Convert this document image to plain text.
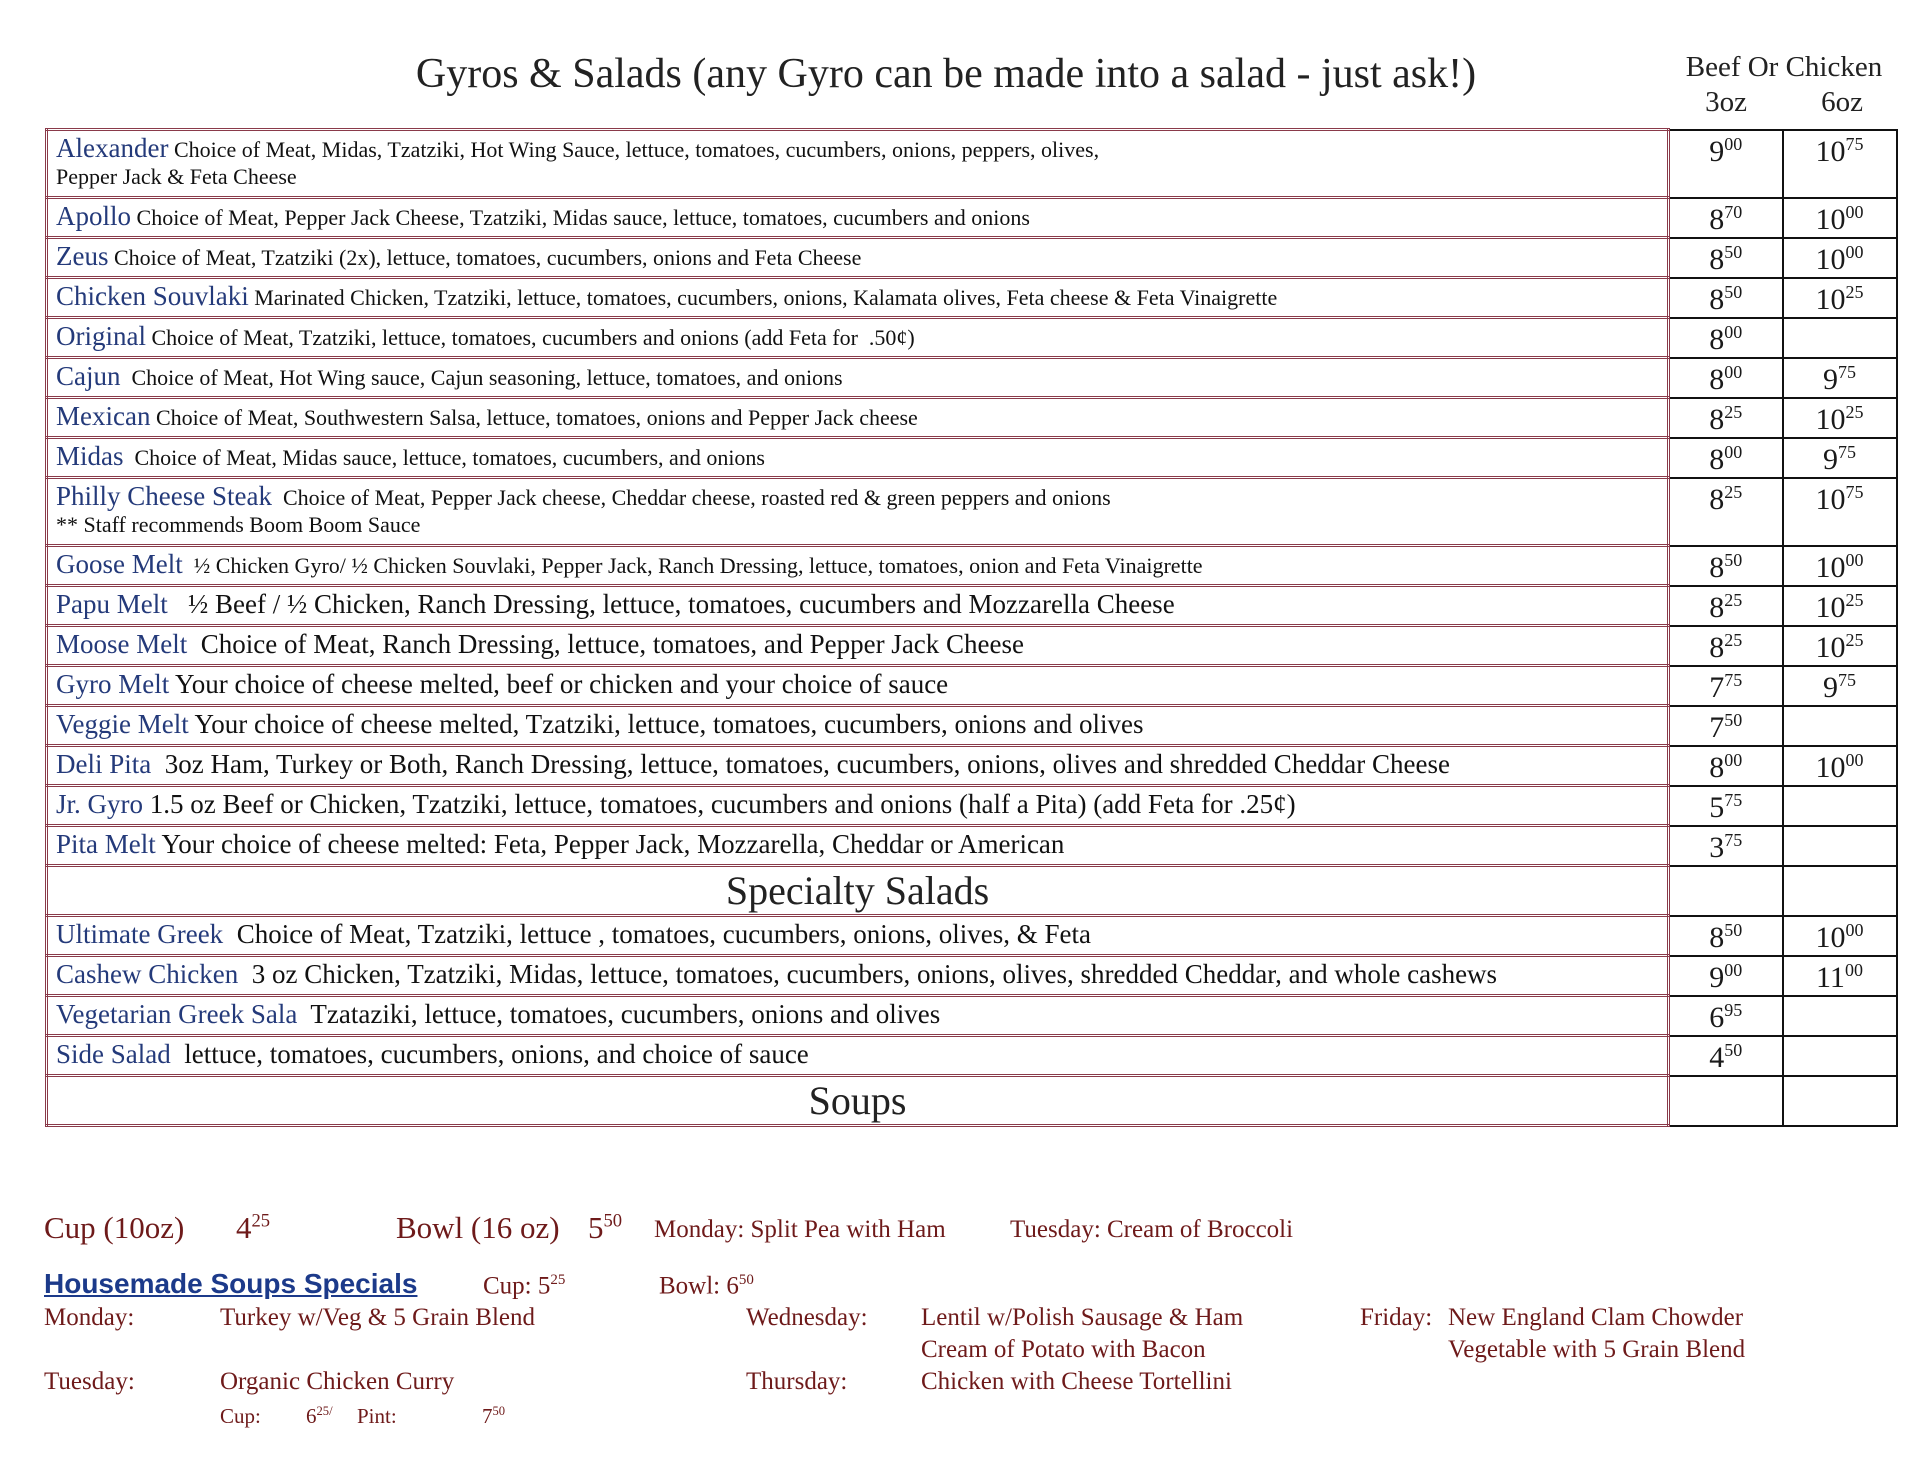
Gyros & Salads (any Gyro can be made into a salad - just ask!)	Beef Or Chicken
3oz	6oz
Alexander Choice of Meat, Midas, Tzatziki, Hot Wing Sauce, lettuce, tomatoes, cucumbers, onions, peppers, olives,
Pepper Jack & Feta Cheese	$9^{00}$	$10^{75}$
Apollo Choice of Meat, Pepper Jack Cheese, Tzatziki, Midas sauce, lettuce, tomatoes, cucumbers and onions	$8^{70}$	$10^{00}$
Zeus Choice of Meat, Tzatziki (2x), lettuce, tomatoes, cucumbers, onions and Feta Cheese	$8^{50}$	$10^{00}$
Chicken Souvlaki Marinated Chicken, Tzatziki, lettuce, tomatoes, cucumbers, onions, Kalamata olives, Feta cheese & Feta Vinaigrette	$8^{50}$	$10^{25}$
Original Choice of Meat, Tzatziki, lettuce, tomatoes, cucumbers and onions (add Feta for  .50¢)	$8^{00}$	
Cajun  Choice of Meat, Hot Wing sauce, Cajun seasoning, lettuce, tomatoes, and onions	$8^{00}$	$9^{75}$
Mexican Choice of Meat, Southwestern Salsa, lettuce, tomatoes, onions and Pepper Jack cheese	$8^{25}$	$10^{25}$
Midas  Choice of Meat, Midas sauce, lettuce, tomatoes, cucumbers, and onions	$8^{00}$	$9^{75}$
Philly Cheese Steak  Choice of Meat, Pepper Jack cheese, Cheddar cheese, roasted red & green peppers and onions
** Staff recommends Boom Boom Sauce	$8^{25}$	$10^{75}$
Goose Melt  ½ Chicken Gyro/ ½ Chicken Souvlaki, Pepper Jack, Ranch Dressing, lettuce, tomatoes, onion and Feta Vinaigrette	$8^{50}$	$10^{00}$
Papu Melt   ½ Beef / ½ Chicken, Ranch Dressing, lettuce, tomatoes, cucumbers and Mozzarella Cheese	$8^{25}$	$10^{25}$
Moose Melt  Choice of Meat, Ranch Dressing, lettuce, tomatoes, and Pepper Jack Cheese	$8^{25}$	$10^{25}$
Gyro Melt Your choice of cheese melted, beef or chicken and your choice of sauce	$7^{75}$	$9^{75}$
Veggie Melt Your choice of cheese melted, Tzatziki, lettuce, tomatoes, cucumbers, onions and olives	$7^{50}$	
Deli Pita  3oz Ham, Turkey or Both, Ranch Dressing, lettuce, tomatoes, cucumbers, onions, olives and shredded Cheddar Cheese	$8^{00}$	$10^{00}$
Jr. Gyro 1.5 oz Beef or Chicken, Tzatziki, lettuce, tomatoes, cucumbers and onions (half a Pita) (add Feta for .25¢)	$5^{75}$	
Pita Melt Your choice of cheese melted: Feta, Pepper Jack, Mozzarella, Cheddar or American	$3^{75}$	
Specialty Salads		
Ultimate Greek  Choice of Meat, Tzatziki, lettuce , tomatoes, cucumbers, onions, olives, & Feta	$8^{50}$	$10^{00}$
Cashew Chicken  3 oz Chicken, Tzatziki, Midas, lettuce, tomatoes, cucumbers, onions, olives, shredded Cheddar, and whole cashews	$9^{00}$	$11^{00}$
Vegetarian Greek Sala  Tzataziki, lettuce, tomatoes, cucumbers, onions and olives	$6^{95}$	
Side Salad  lettuce, tomatoes, cucumbers, onions, and choice of sauce	$4^{50}$	
Soups		
Cup (10oz) $4^{25}$	Bowl (16 oz) $5^{50}$ Monday: Split Pea with Ham	Tuesday: Cream of Broccoli
Housemade Soups Specials	Cup: $5^{25}$	Bowl: $6^{50}$
Monday:	Turkey w/Veg & 5 Grain Blend
Tuesday:	Organic Chicken Curry
Cup: $6^{25/}$ Pint:	$7^{50}$
Wednesday: Lentil w/Polish Sausage & Ham
Cream of Potato with Bacon
Thursday:	Chicken with Cheese Tortellini
Friday: New England Clam Chowder
Vegetable with 5 Grain Blend
